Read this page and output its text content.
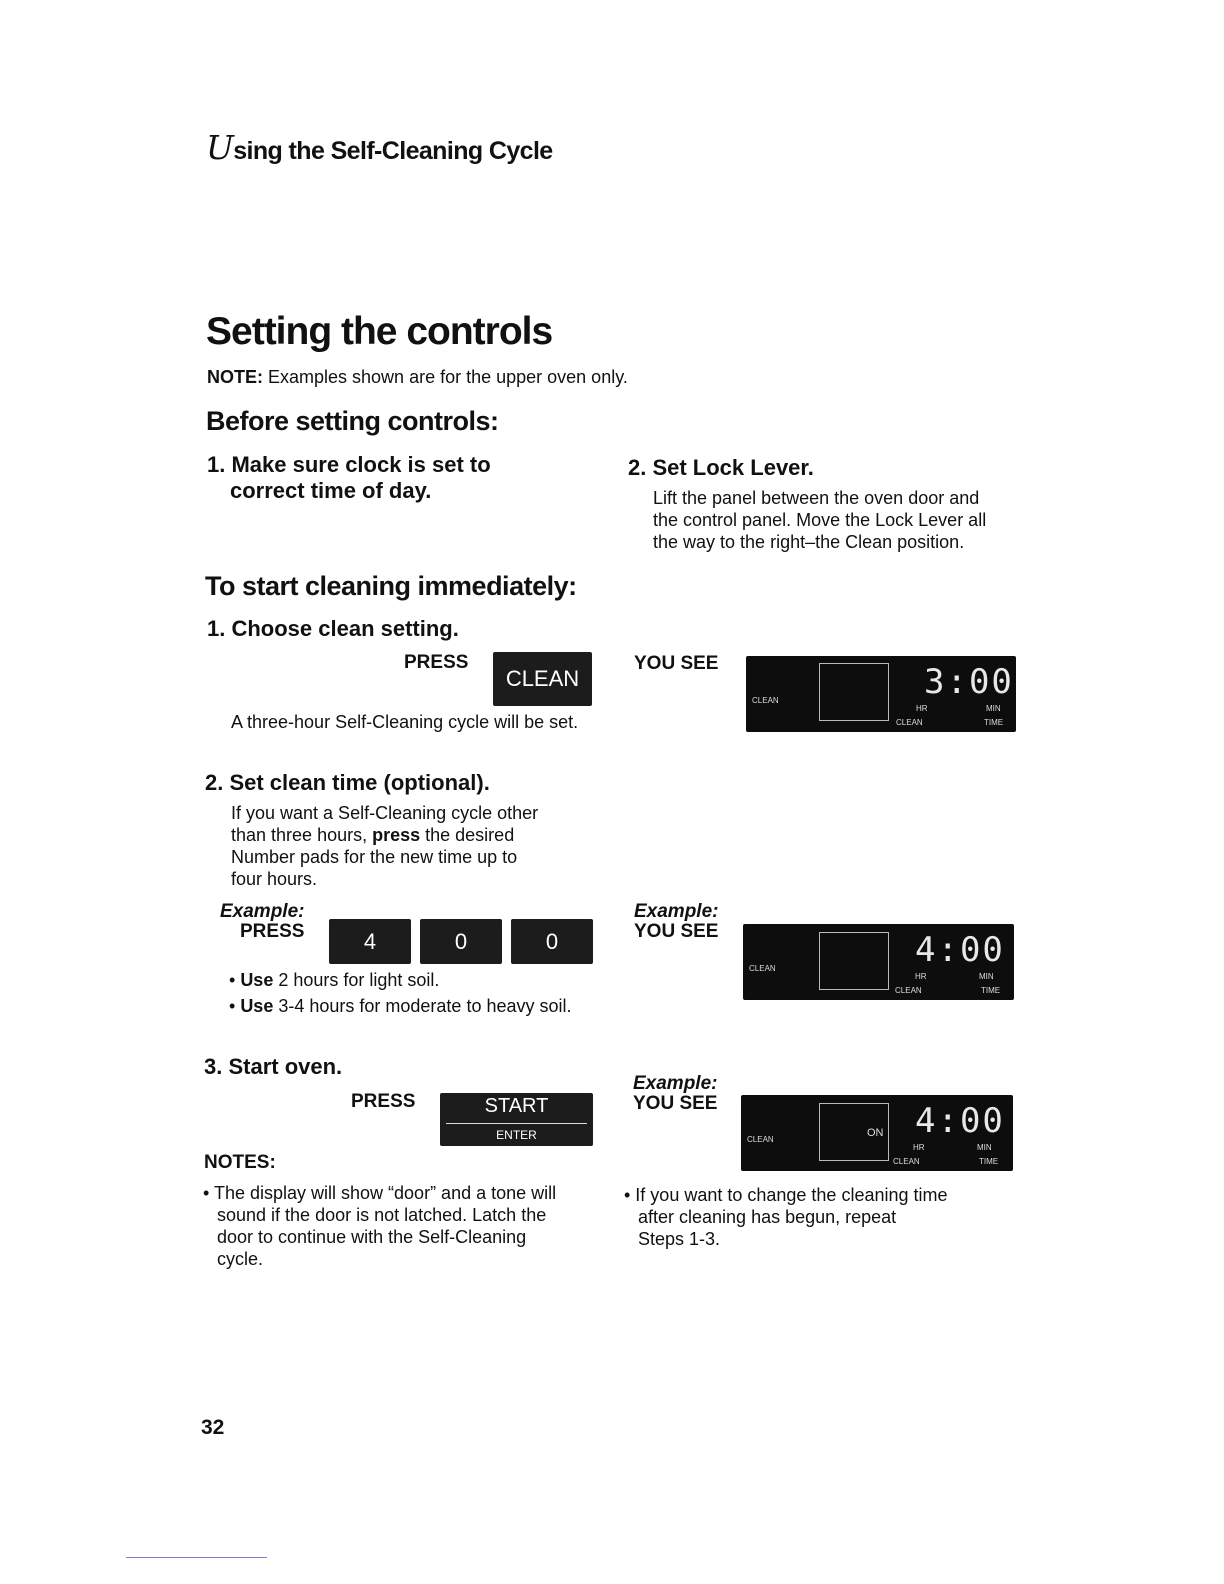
Using the Self-Cleaning Cycle
Setting the controls
NOTE: Examples shown are for the upper oven only.
Before setting controls:
1. Make sure clock is set to
correct time of day.
2. Set Lock Lever.
Lift the panel between the oven door and
the control panel. Move the Lock Lever all
the way to the right–the Clean position.
To start cleaning immediately:
1. Choose clean setting.
PRESS
CLEAN
YOU SEE
A three-hour Self-Cleaning cycle will be set.
CLEAN	3:00
HR	MIN
CLEAN	TIME
2. Set clean time (optional).
If you want a Self-Cleaning cycle other
than three hours, press the desired
Number pads for the new time up to
four hours.
Example:
PRESS	4	0	0
• Use 2 hours for light soil.
• Use 3-4 hours for moderate to heavy soil.
Example:
YOU SEE
CLEAN	4:00
HR	MIN
CLEAN	TIME
3. Start oven.
PRESS	START
ENTER
Example:
YOU SEE
ON
CLEAN	4:00
HR	MIN
CLEAN	TIME
NOTES:
• The display will show “door” and a tone will
sound if the door is not latched. Latch the
door to continue with the Self-Cleaning
cycle.
• If you want to change the cleaning time
after cleaning has begun, repeat
Steps 1-3.
32
